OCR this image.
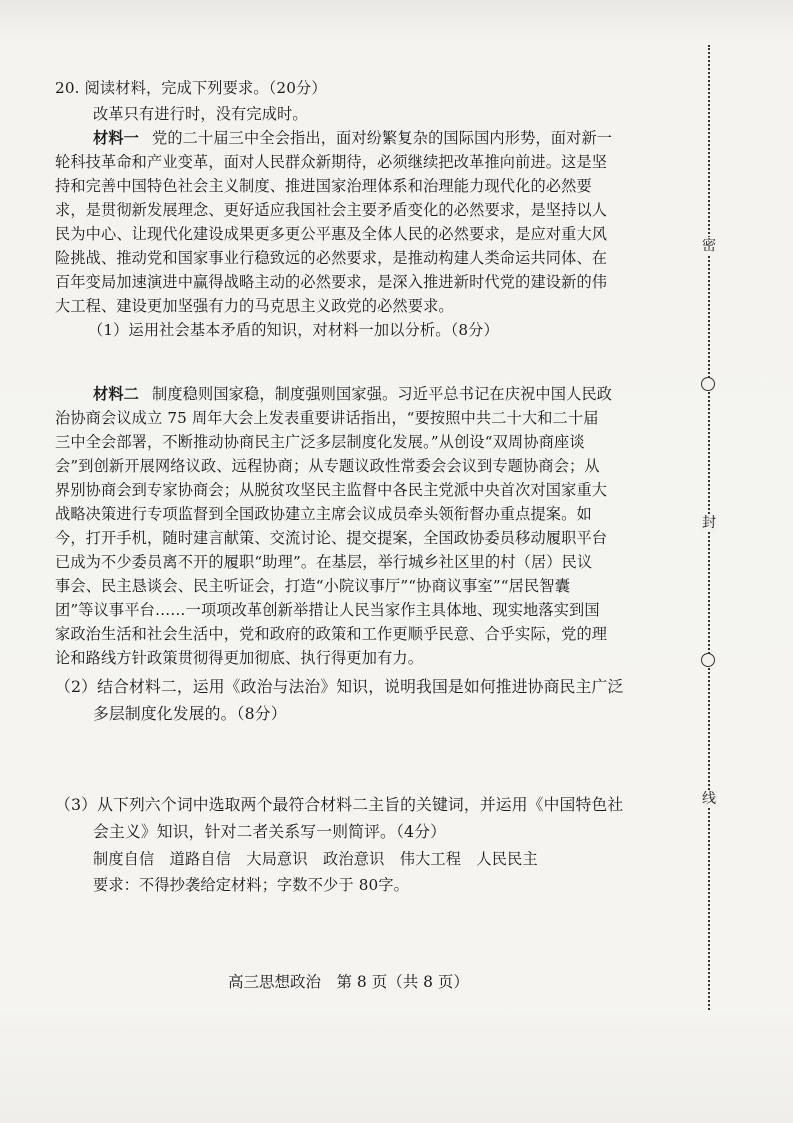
20. 阅读材料，完成下列要求。（20分）
改革只有进行时，没有完成时。
材料一 党的二十届三中全会指出，面对纷繁复杂的国际国内形势，面对新一
轮科技革命和产业变革，面对人民群众新期待，必须继续把改革推向前进。这是坚
持和完善中国特色社会主义制度、推进国家治理体系和治理能力现代化的必然要
求，是贯彻新发展理念、更好适应我国社会主要矛盾变化的必然要求，是坚持以人
民为中心、让现代化建设成果更多更公平惠及全体人民的必然要求，是应对重大风
险挑战、推动党和国家事业行稳致远的必然要求，是推动构建人类命运共同体、在
百年变局加速演进中赢得战略主动的必然要求，是深入推进新时代党的建设新的伟
大工程、建设更加坚强有力的马克思主义政党的必然要求。
（1）运用社会基本矛盾的知识，对材料一加以分析。（8分）
材料二 制度稳则国家稳，制度强则国家强。习近平总书记在庆祝中国人民政
治协商会议成立 75 周年大会上发表重要讲话指出，“要按照中共二十大和二十届
三中全会部署，不断推动协商民主广泛多层制度化发展。”从创设“双周协商座谈
会”到创新开展网络议政、远程协商；从专题议政性常委会会议到专题协商会；从
界别协商会到专家协商会；从脱贫攻坚民主监督中各民主党派中央首次对国家重大
战略决策进行专项监督到全国政协建立主席会议成员牵头领衔督办重点提案。如
今，打开手机，随时建言献策、交流讨论、提交提案，全国政协委员移动履职平台
已成为不少委员离不开的履职“助理”。在基层，举行城乡社区里的村（居）民议
事会、民主恳谈会、民主听证会，打造“小院议事厅”“协商议事室”“居民智囊
团”等议事平台……一项项改革创新举措让人民当家作主具体地、现实地落实到国
家政治生活和社会生活中，党和政府的政策和工作更顺乎民意、合乎实际，党的理
论和路线方针政策贯彻得更加彻底、执行得更加有力。
（2）结合材料二，运用《政治与法治》知识，说明我国是如何推进协商民主广泛
多层制度化发展的。（8分）
（3）从下列六个词中选取两个最符合材料二主旨的关键词，并运用《中国特色社
会主义》知识，针对二者关系写一则简评。（4分）
制度自信　道路自信　大局意识　政治意识　伟大工程　人民民主
要求：不得抄袭给定材料；字数不少于 80字。
高三思想政治　第 8 页（共 8 页）
密
封
线
